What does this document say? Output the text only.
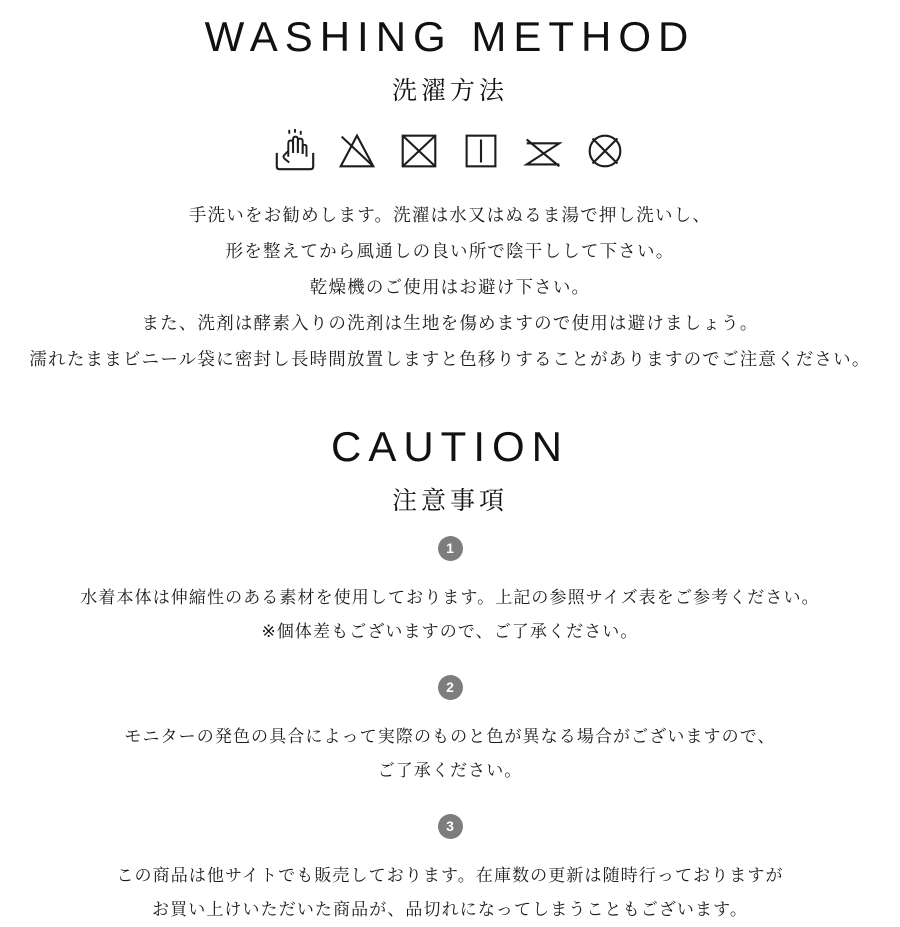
WASHING METHOD
洗濯方法
手洗いをお勧めします。洗濯は水又はぬるま湯で押し洗いし、
形を整えてから風通しの良い所で陰干しして下さい。
乾燥機のご使用はお避け下さい。
また、洗剤は酵素入りの洗剤は生地を傷めますので使用は避けましょう。
濡れたままビニール袋に密封し長時間放置しますと色移りすることがありますのでご注意ください。
CAUTION
注意事項
1
水着本体は伸縮性のある素材を使用しております。上記の参照サイズ表をご参考ください。
※個体差もございますので、ご了承ください。
2
モニターの発色の具合によって実際のものと色が異なる場合がございますので、
ご了承ください。
3
この商品は他サイトでも販売しております。在庫数の更新は随時行っておりますが
お買い上けいただいた商品が、品切れになってしまうこともございます。
